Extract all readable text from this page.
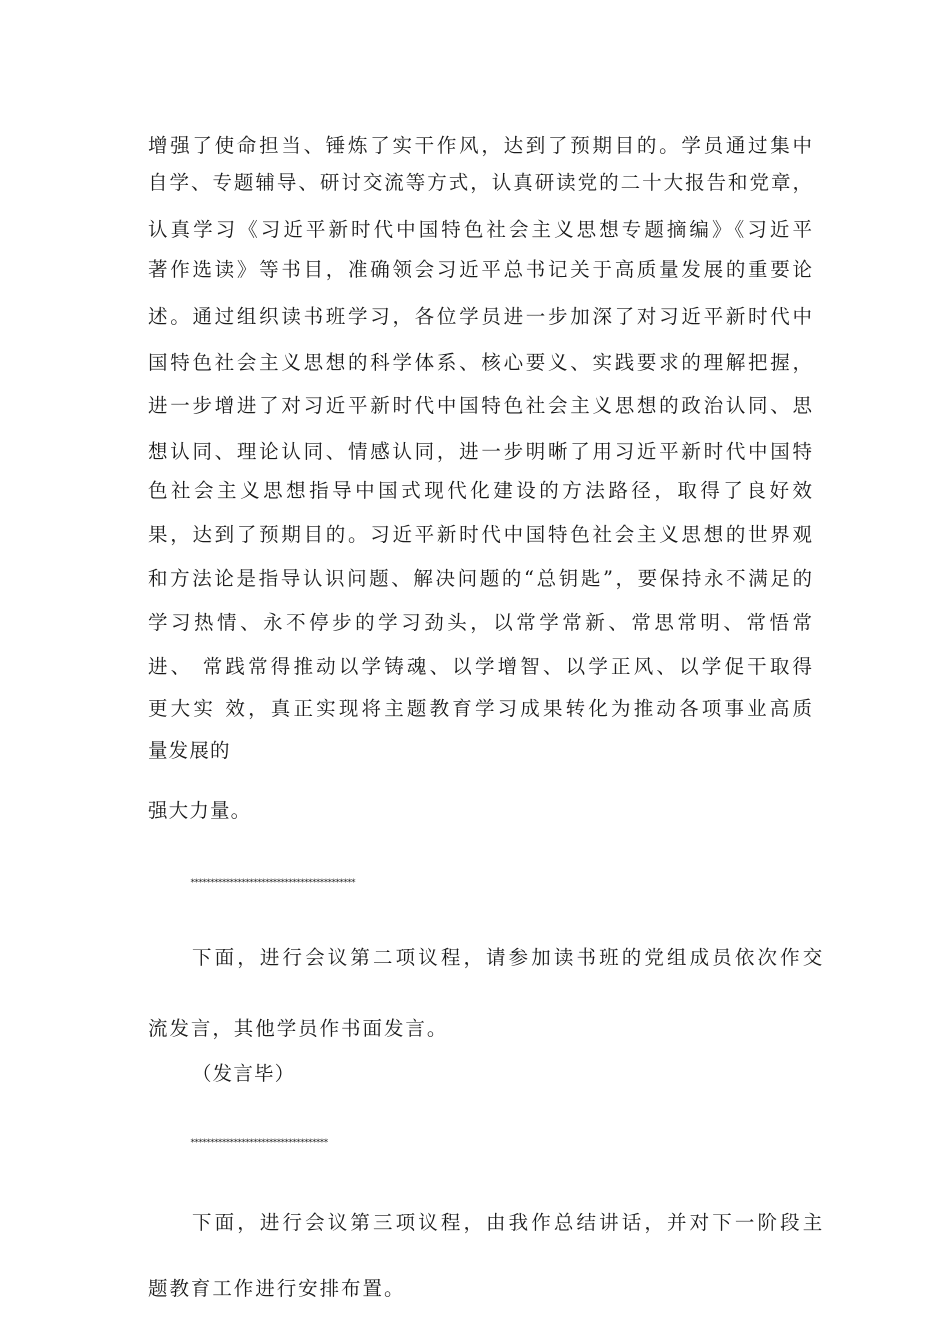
增强了使命担当、锤炼了实干作风，达到了预期目的。学员通过集中
自学、专题辅导、研讨交流等方式，认真研读党的二十大报告和党章，
认真学习《习近平新时代中国特色社会主义思想专题摘编》《习近平
著作选读》等书目，准确领会习近平总书记关于高质量发展的重要论
述。通过组织读书班学习，各位学员进一步加深了对习近平新时代中
国特色社会主义思想的科学体系、核心要义、实践要求的理解把握，
进一步增进了对习近平新时代中国特色社会主义思想的政治认同、思
想认同、理论认同、情感认同，进一步明晰了用习近平新时代中国特
色社会主义思想指导中国式现代化建设的方法路径，取得了良好效
果，达到了预期目的。习近平新时代中国特色社会主义思想的世界观
和方法论是指导认识问题、解决问题的“总钥匙”，要保持永不满足的
学习热情、永不停步的学习劲头，以常学常新、常思常明、常悟常
进、 常践常得推动以学铸魂、以学增智、以学正风、以学促干取得
更大实 效，真正实现将主题教育学习成果转化为推动各项事业高质
量发展的
强大力量。
******************************************
下面，进行会议第二项议程，请参加读书班的党组成员依次作交
流发言，其他学员作书面发言。
（发言毕）
***********************************
下面，进行会议第三项议程，由我作总结讲话，并对下一阶段主
题教育工作进行安排布置。
